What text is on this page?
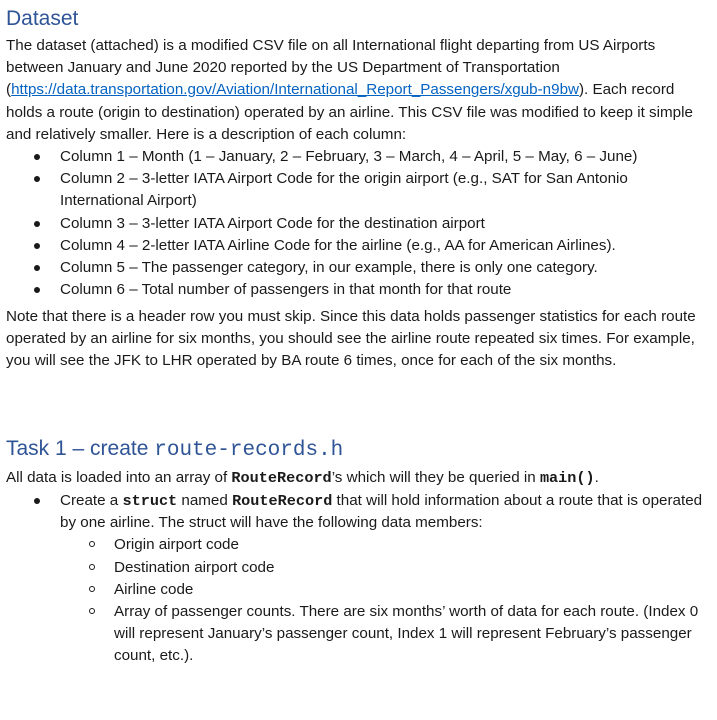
Dataset

The dataset (attached) is a modified CSV file on all International flight departing from US Airports between January and June 2020 reported by the US Department of Transportation (https://data.transportation.gov/Aviation/International_Report_Passengers/xgub-n9bw). Each record holds a route (origin to destination) operated by an airline. This CSV file was modified to keep it simple and relatively smaller. Here is a description of each column:

Column 1 – Month (1 – January, 2 – February, 3 – March, 4 – April, 5 – May, 6 – June)
Column 2 – 3-letter IATA Airport Code for the origin airport (e.g., SAT for San Antonio International Airport)
Column 3 – 3-letter IATA Airport Code for the destination airport
Column 4 – 2-letter IATA Airline Code for the airline (e.g., AA for American Airlines).
Column 5 – The passenger category, in our example, there is only one category.
Column 6 – Total number of passengers in that month for that route

Note that there is a header row you must skip. Since this data holds passenger statistics for each route operated by an airline for six months, you should see the airline route repeated six times. For example, you will see the JFK to LHR operated by BA route 6 times, once for each of the six months.

Task 1 – create route-records.h

All data is loaded into an array of RouteRecord’s which will they be queried in main().

Create a struct named RouteRecord that will hold information about a route that is operated by one airline. The struct will have the following data members:
Origin airport code
Destination airport code
Airline code
Array of passenger counts. There are six months’ worth of data for each route. (Index 0 will represent January’s passenger count, Index 1 will represent February’s passenger count, etc.).
